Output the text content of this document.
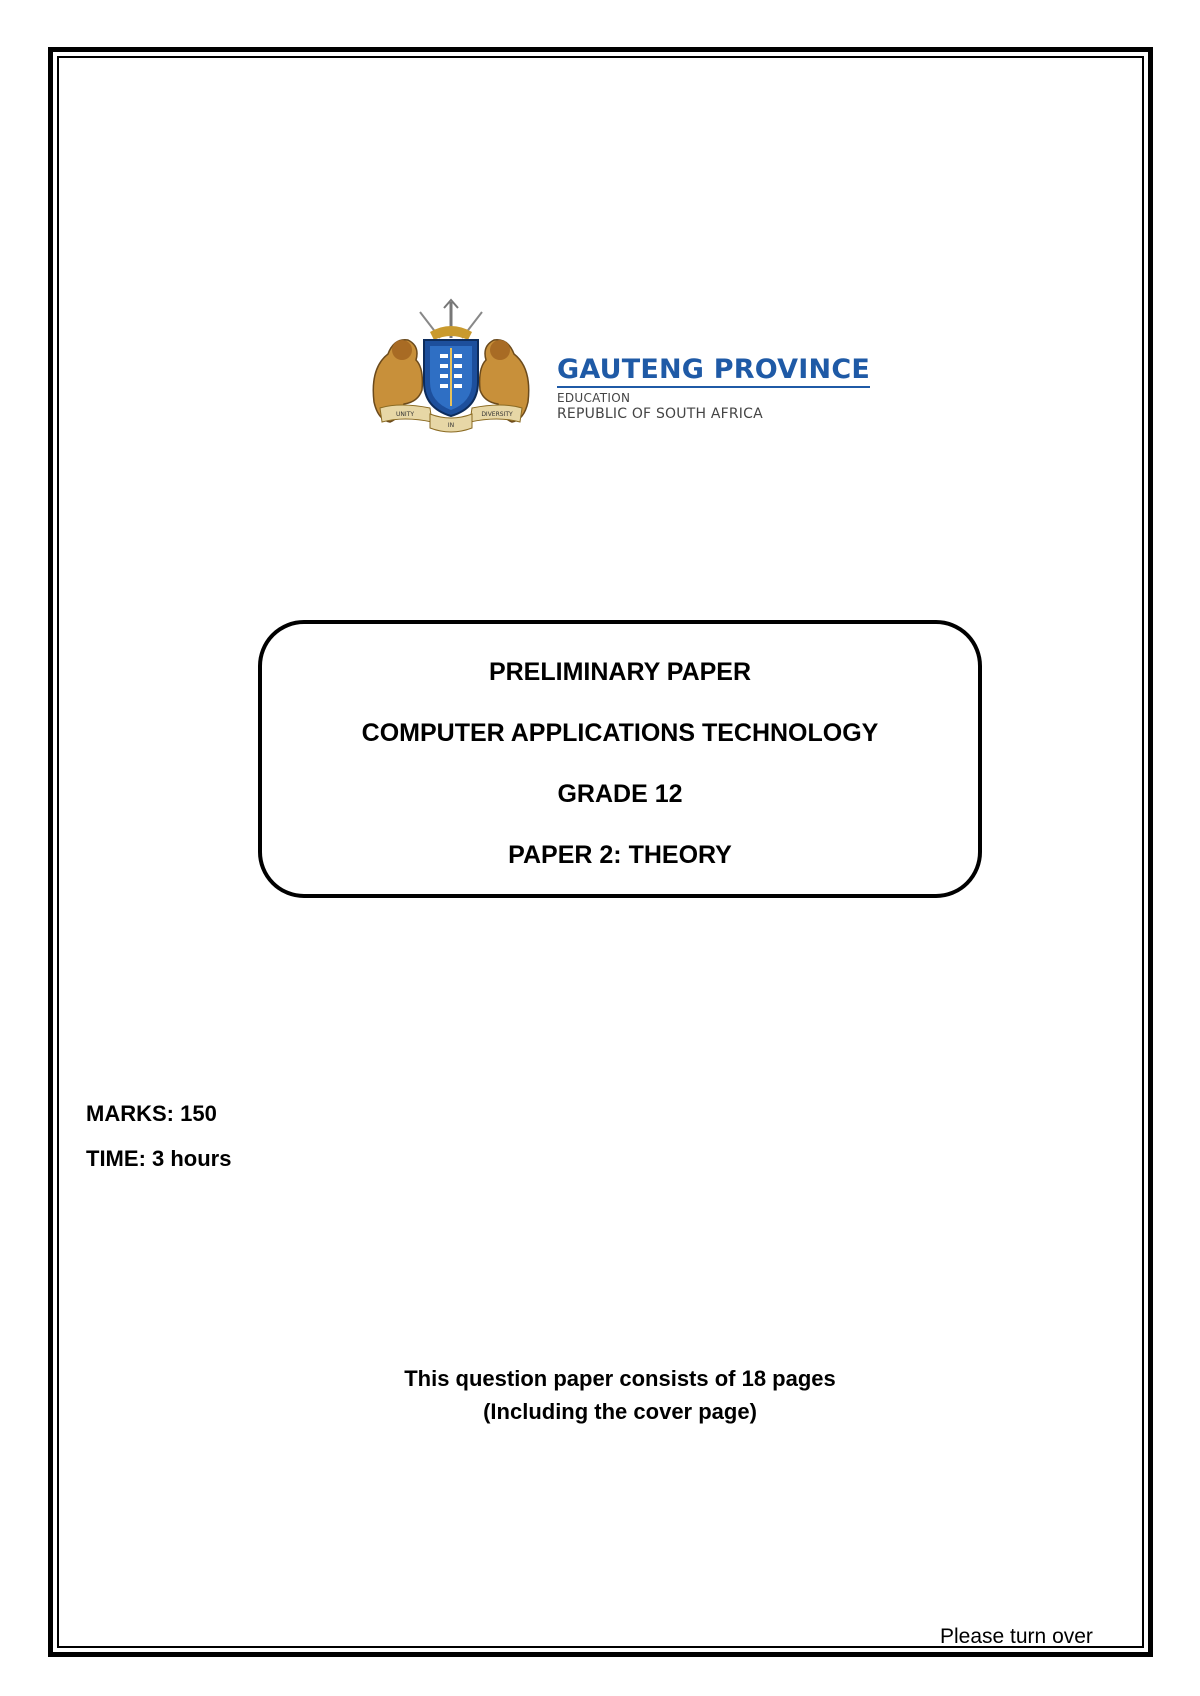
UNITY
IN
DIVERSITY
GAUTENG PROVINCE
EDUCATION
REPUBLIC OF SOUTH AFRICA
PRELIMINARY PAPER
COMPUTER APPLICATIONS TECHNOLOGY
GRADE 12
PAPER 2: THEORY
MARKS: 150
TIME: 3 hours
This question paper consists of 18 pages
(Including the cover page)
Please turn over
